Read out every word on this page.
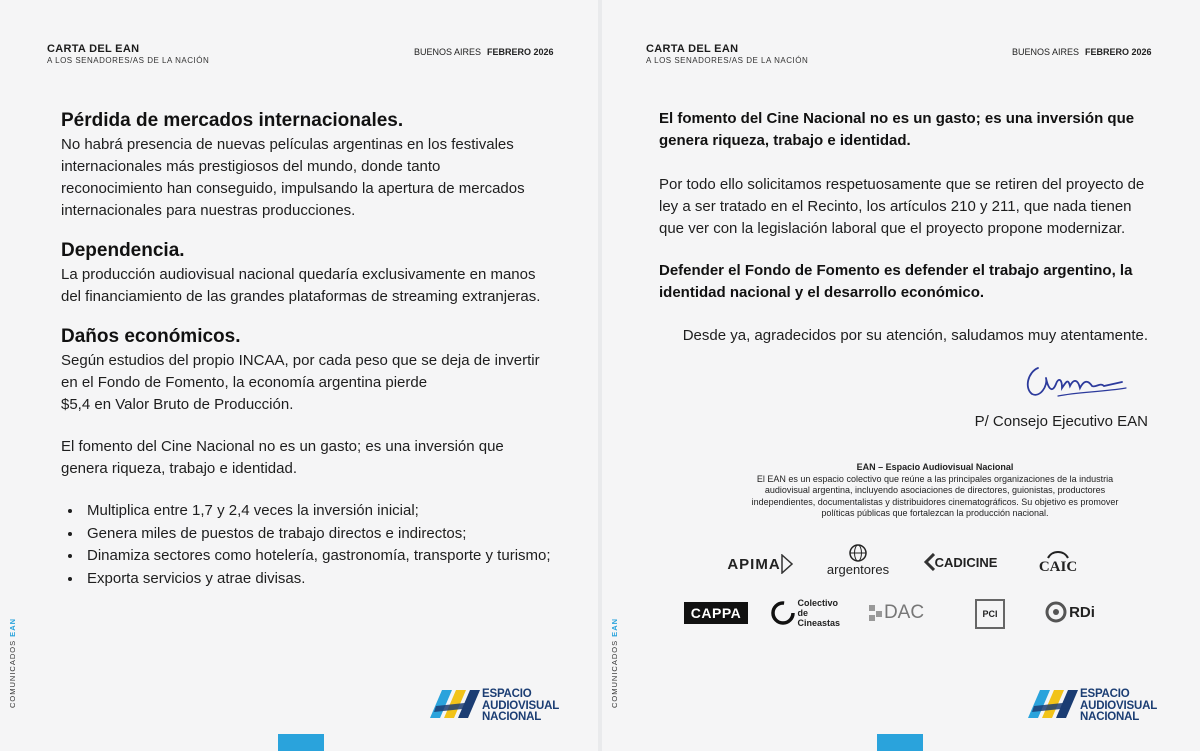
CARTA DEL EAN
A LOS SENADORES/AS DE LA NACIÓN
BUENOS AIRES FEBRERO 2026

Pérdida de mercados internacionales.

No habrá presencia de nuevas películas argentinas en los festivales

internacionales más prestigiosos del mundo, donde tanto

reconocimiento han conseguido, impulsando la apertura de mercados

internacionales para nuestras producciones.

Dependencia.

La producción audiovisual nacional quedaría exclusivamente en manos

del financiamiento de las grandes plataformas de streaming extranjeras.

Daños económicos.

Según estudios del propio INCAA, por cada peso que se deja de invertir

en el Fondo de Fomento, la economía argentina pierde

$5,4 en Valor Bruto de Producción.

El fomento del Cine Nacional no es un gasto; es una inversión que

genera riqueza, trabajo e identidad.

• Multiplica entre 1,7 y 2,4 veces la inversión inicial;
• Genera miles de puestos de trabajo directos e indirectos;
• Dinamiza sectores como hotelería, gastronomía, transporte y turismo;
• Exporta servicios y atrae divisas.
COMUNICADOS EAN
ESPACIO
AUDIOVISUAL
NACIONAL
CARTA DEL EAN
A LOS SENADORES/AS DE LA NACIÓN
BUENOS AIRES FEBRERO 2026

El fomento del Cine Nacional no es un gasto; es una inversión que

genera riqueza, trabajo e identidad.

Por todo ello solicitamos respetuosamente que se retiren del proyecto de

ley a ser tratado en el Recinto, los artículos 210 y 211, que nada tienen

que ver con la legislación laboral que el proyecto propone modernizar.

Defender el Fondo de Fomento es defender el trabajo argentino, la

identidad nacional y el desarrollo económico.

Desde ya, agradecidos por su atención, saludamos muy atentamente.
P/ Consejo Ejecutivo EAN
EAN – Espacio Audiovisual Nacional
El EAN es un espacio colectivo que reúne a las principales organizaciones de la industria
audiovisual argentina, incluyendo asociaciones de directores, guionistas, productores
independientes, documentalistas y distribuidores cinematográficos. Su objetivo es promover
políticas públicas que fortalezcan la producción nacional.
APIMA	argentores	CADICINE	CAIC
CAPPA
Colectivo de Cineastas DAC	PCI	RDi
COMUNICADOS EAN
ESPACIO
AUDIOVISUAL
NACIONAL
